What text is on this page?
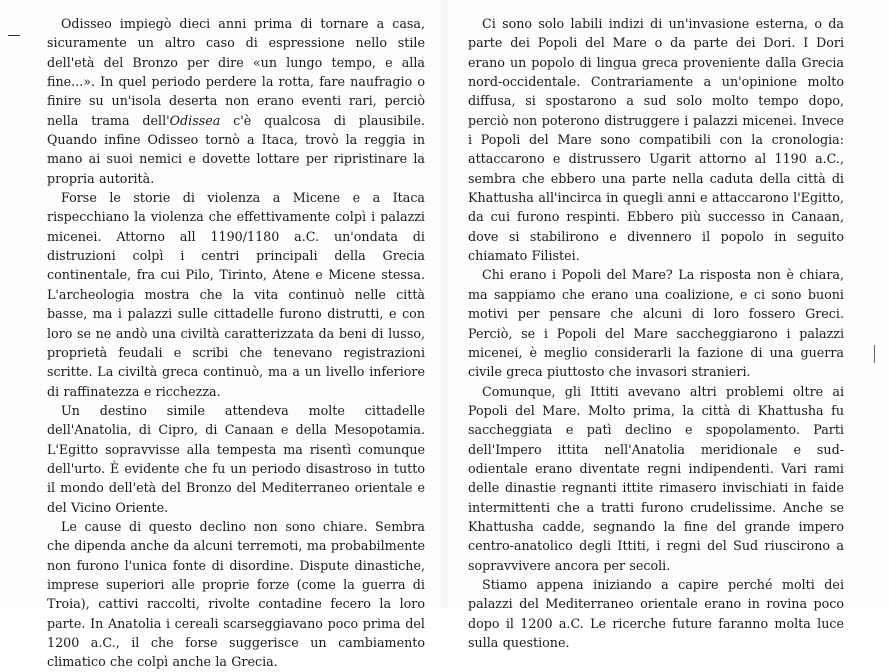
Odisseo impiegò dieci anni prima di tornare a casa, sicuramente un altro caso di espressione nello stile dell'età del Bronzo per dire «un lungo tempo, e alla fine...». In quel periodo perdere la rotta, fare naufragio o finire su un'isola deserta non erano eventi rari, perciò nella trama dell'Odissea c'è qualcosa di plausibile. Quando infine Odisseo tornò a Itaca, trovò la reggia in mano ai suoi nemici e dovette lottare per ripristinare la propria autorità.

Forse le storie di violenza a Micene e a Itaca rispecchiano la violenza che effettivamente colpì i palazzi micenei. Attorno all 1190/1180 a.C. un'ondata di distruzioni colpì i centri principali della Grecia continentale, fra cui Pilo, Tirinto, Atene e Micene stessa. L'archeologia mostra che la vita continuò nelle città basse, ma i palazzi sulle cittadelle furono distrutti, e con loro se ne andò una civiltà caratterizzata da beni di lusso, proprietà feudali e scribi che tenevano registrazioni scritte. La civiltà greca continuò, ma a un livello inferiore di raffinatezza e ricchezza.

Un destino simile attendeva molte cittadelle dell'Anatolia, di Cipro, di Canaan e della Mesopotamia. L'Egitto sopravvisse alla tempesta ma risentì comunque dell'urto. È evidente che fu un periodo disastroso in tutto il mondo dell'età del Bronzo del Mediterraneo orientale e del Vicino Oriente.

Le cause di questo declino non sono chiare. Sembra che dipenda anche da alcuni terremoti, ma probabilmente non furono l'unica fonte di disordine. Dispute dinastiche, imprese superiori alle proprie forze (come la guerra di Troia), cattivi raccolti, rivolte contadine fecero la loro parte. In Anatolia i cereali scarseggiavano poco prima del 1200 a.C., il che forse suggerisce un cambiamento climatico che colpì anche la Grecia.

Ci sono solo labili indizi di un'invasione esterna, o da parte dei Popoli del Mare o da parte dei Dori. I Dori erano un popolo di lingua greca proveniente dalla Grecia nord-occidentale. Contrariamente a un'opinione molto diffusa, si spostarono a sud solo molto tempo dopo, perciò non poterono distruggere i palazzi micenei. Invece i Popoli del Mare sono compatibili con la cronologia: attaccarono e distrussero Ugarit attorno al 1190 a.C., sembra che ebbero una parte nella caduta della città di Khattusha all'incirca in quegli anni e attaccarono l'Egitto, da cui furono respinti. Ebbero più successo in Canaan, dove si stabilirono e divennero il popolo in seguito chiamato Filistei.

Chi erano i Popoli del Mare? La risposta non è chiara, ma sappiamo che erano una coalizione, e ci sono buoni motivi per pensare che alcuni di loro fossero Greci. Perciò, se i Popoli del Mare saccheggiarono i palazzi micenei, è meglio considerarli la fazione di una guerra civile greca piuttosto che invasori stranieri.

Comunque, gli Ittiti avevano altri problemi oltre ai Popoli del Mare. Molto prima, la città di Khattusha fu saccheggiata e patì declino e spopolamento. Parti dell'Impero ittita nell'Anatolia meridionale e sud-odientale erano diventate regni indipendenti. Vari rami delle dinastie regnanti ittite rimasero invischiati in faide intermittenti che a tratti furono crudelissime. Anche se Khattusha cadde, segnando la fine del grande impero centro-anatolico degli Ittiti, i regni del Sud riuscirono a sopravvivere ancora per secoli.

Stiamo appena iniziando a capire perché molti dei palazzi del Mediterraneo orientale erano in rovina poco dopo il 1200 a.C. Le ricerche future faranno molta luce sulla questione.
